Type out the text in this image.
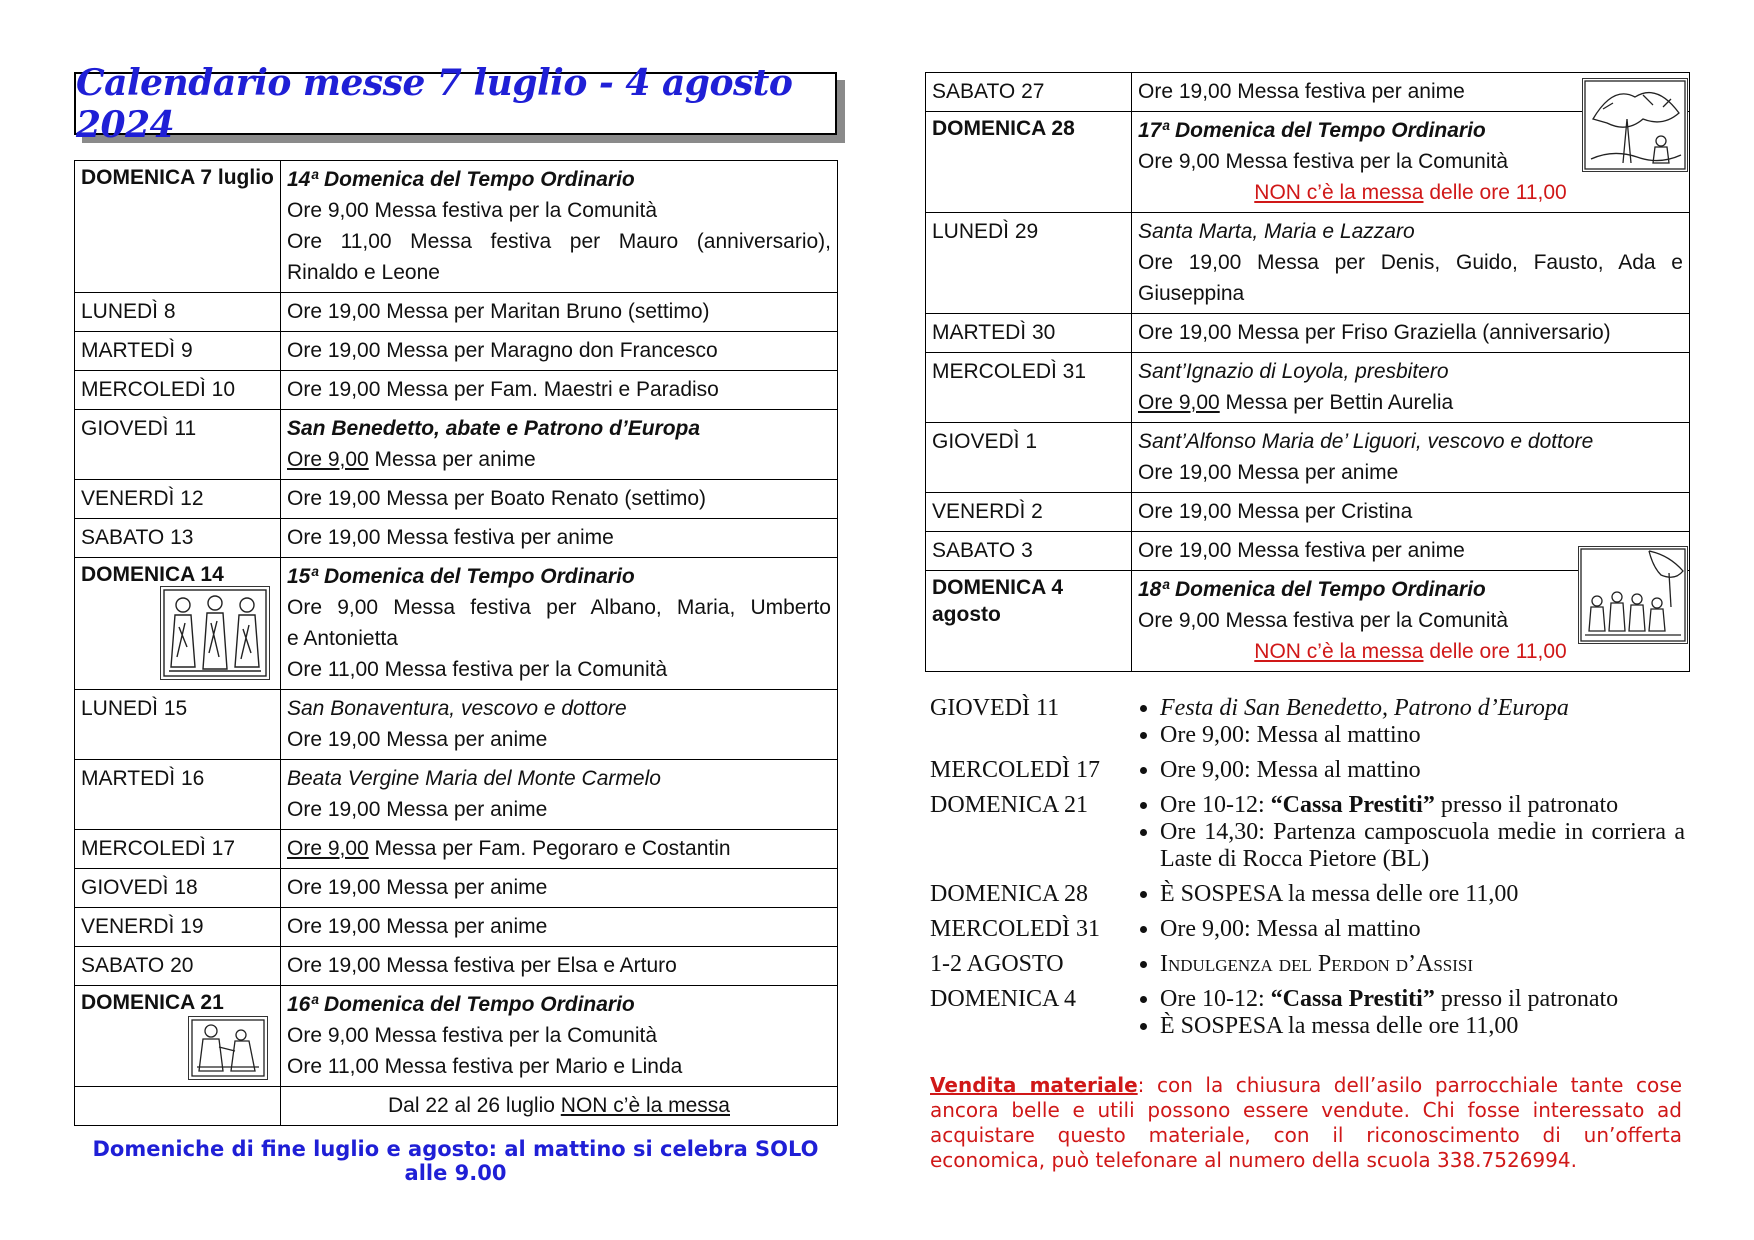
Calendario messe 7 luglio - 4 agosto 2024
DOMENICA 7 luglio	14ª Domenica del Tempo Ordinario
Ore 9,00 Messa festiva per la Comunità
Ore 11,00 Messa festiva per Mauro (anniversario),
Rinaldo e Leone

LUNEDÌ 8	Ore 19,00 Messa per Maritan Bruno (settimo)

MARTEDÌ 9	Ore 19,00 Messa per Maragno don Francesco

MERCOLEDÌ 10	Ore 19,00 Messa per Fam. Maestri e Paradiso

GIOVEDÌ 11	San Benedetto, abate e Patrono d’Europa
Ore 9,00 Messa per anime

VENERDÌ 12	Ore 19,00 Messa per Boato Renato (settimo)

SABATO 13	Ore 19,00 Messa festiva per anime

DOMENICA 14	15ª Domenica del Tempo Ordinario
Ore 9,00 Messa festiva per Albano, Maria, Umberto
e Antonietta
Ore 11,00 Messa festiva per la Comunità

LUNEDÌ 15	San Bonaventura, vescovo e dottore
Ore 19,00 Messa per anime

MARTEDÌ 16	Beata Vergine Maria del Monte Carmelo
Ore 19,00 Messa per anime

MERCOLEDÌ 17	Ore 9,00 Messa per Fam. Pegoraro e Costantin

GIOVEDÌ 18	Ore 19,00 Messa per anime

VENERDÌ 19	Ore 19,00 Messa per anime

SABATO 20	Ore 19,00 Messa festiva per Elsa e Arturo

DOMENICA 21	16ª Domenica del Tempo Ordinario
Ore 9,00 Messa festiva per la Comunità
Ore 11,00 Messa festiva per Mario e Linda

	Dal 22 al 26 luglio NON c’è la messa
Domeniche di fine luglio e agosto: al mattino si celebra SOLO alle 9.00
SABATO 27	Ore 19,00 Messa festiva per anime

DOMENICA 28	17ª Domenica del Tempo Ordinario
Ore 9,00 Messa festiva per la Comunità
NON c’è la messa delle ore 11,00

LUNEDÌ 29	Santa Marta, Maria e Lazzaro
Ore 19,00 Messa per Denis, Guido, Fausto, Ada e
Giuseppina

MARTEDÌ 30	Ore 19,00 Messa per Friso Graziella (anniversario)

MERCOLEDÌ 31	Sant’Ignazio di Loyola, presbitero
Ore 9,00 Messa per Bettin Aurelia

GIOVEDÌ 1	Sant’Alfonso Maria de’ Liguori, vescovo e dottore
Ore 19,00 Messa per anime

VENERDÌ 2	Ore 19,00 Messa per Cristina

SABATO 3	Ore 19,00 Messa festiva per anime

DOMENICA 4 agosto	18ª Domenica del Tempo Ordinario
Ore 9,00 Messa festiva per la Comunità
NON c’è la messa delle ore 11,00
GIOVEDÌ 11	• Festa di San Benedetto, Patrono d’Europa
• Ore 9,00: Messa al mattino
MERCOLEDÌ 17	• Ore 9,00: Messa al mattino
DOMENICA 21	• Ore 10-12: “Cassa Prestiti” presso il patronato
• Ore 14,30: Partenza camposcuola medie in corriera a Laste di Rocca Pietore (BL)
DOMENICA 28	• È SOSPESA la messa delle ore 11,00
MERCOLEDÌ 31	• Ore 9,00: Messa al mattino
1-2 AGOSTO	• Indulgenza del Perdon d’Assisi
DOMENICA 4	• Ore 10-12: “Cassa Prestiti” presso il patronato
• È SOSPESA la messa delle ore 11,00
Vendita materiale: con la chiusura dell’asilo parrocchiale tante cose ancora belle e utili possono essere vendute. Chi fosse interessato ad acquistare questo materiale, con il riconoscimento di un’offerta economica, può telefonare al numero della scuola 338.7526994.
